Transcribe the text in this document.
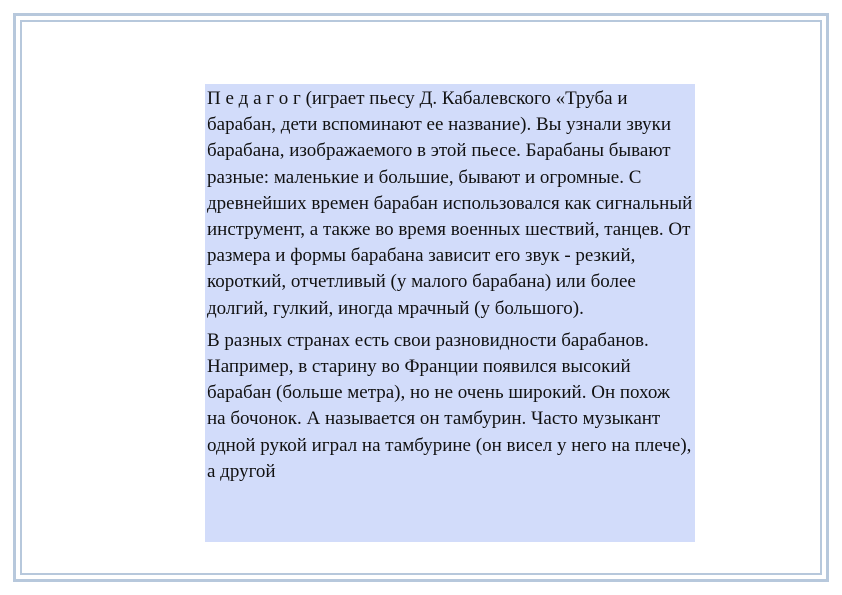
П е д а г о г (играет пьесу Д. Кабалевского «Труба и барабан, дети вспоминают ее название). Вы узнали звуки барабана, изображаемого в этой пьесе. Барабаны бывают разные: маленькие и большие, бывают и огромные. С древнейших времен барабан использовался как сигнальный инструмент, а также во время военных шествий, танцев. От размера и формы барабана зависит его звук - резкий, короткий, отчетливый (у малого барабана) или более долгий, гулкий, иногда мрачный (у большого).

В разных странах есть свои разновидности барабанов. Например, в старину во Франции появился высокий барабан (больше метра), но не очень широкий. Он похож на бочонок. А называется он тамбурин. Часто музыкант одной рукой играл на тамбурине (он висел у него на плече), а другой
